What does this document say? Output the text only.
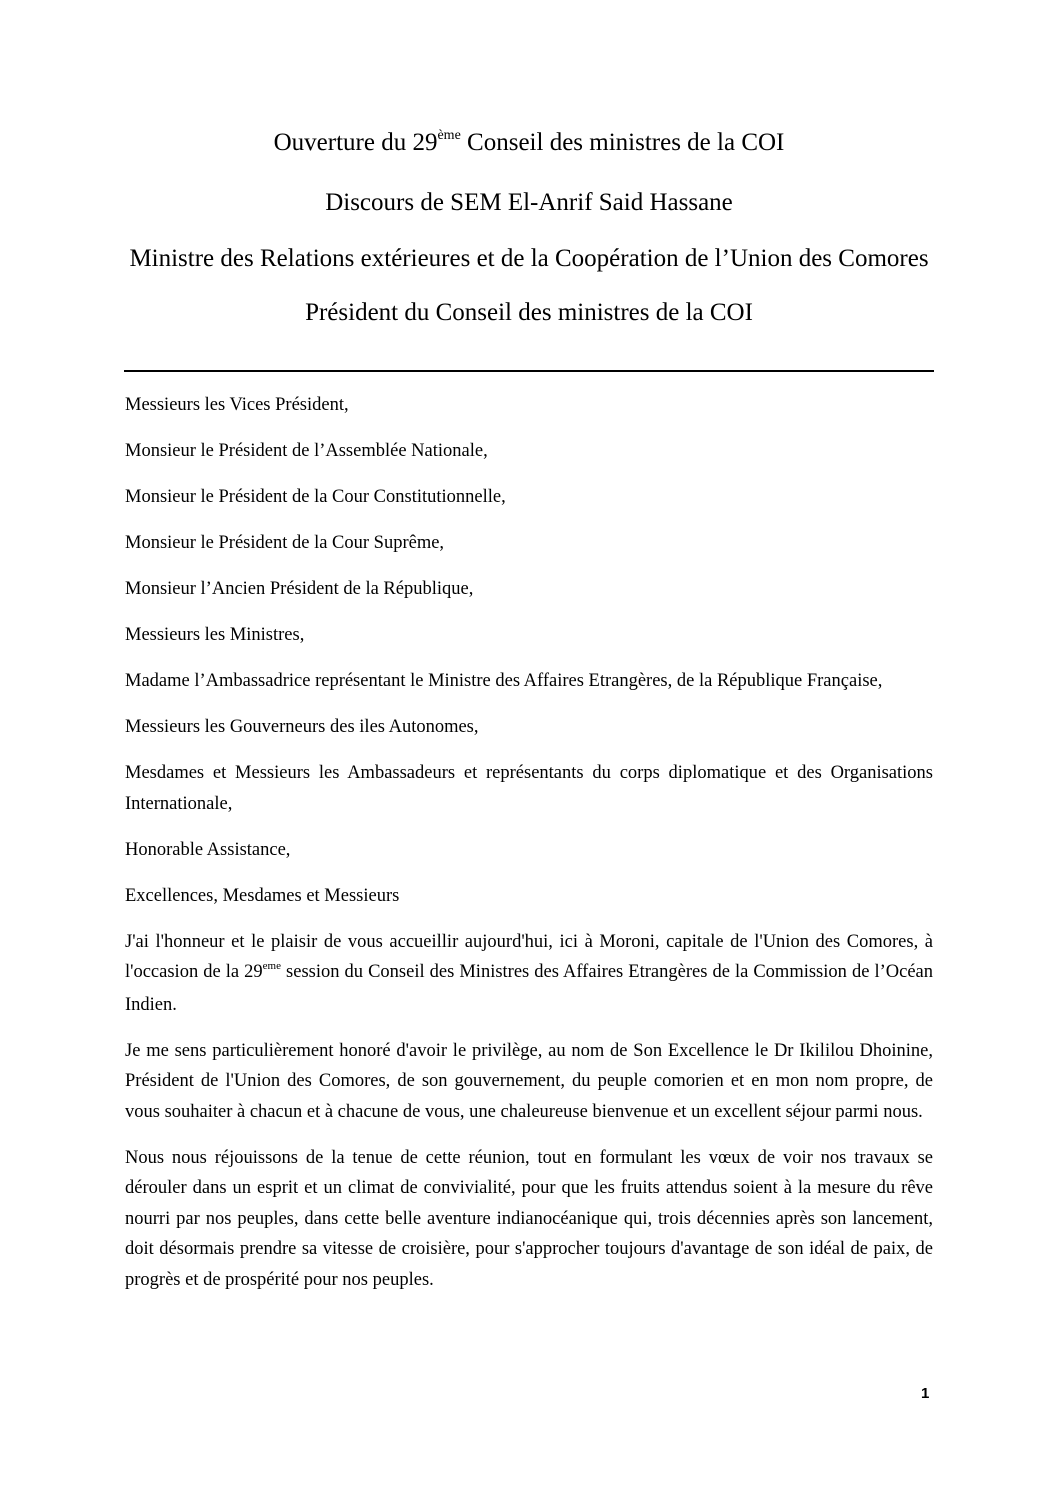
Ouverture du 29ème Conseil des ministres de la COI

Discours de SEM El-Anrif Said Hassane

Ministre des Relations extérieures et de la Coopération de l’Union des Comores

Président du Conseil des ministres de la COI

Messieurs les Vices Président,

Monsieur le Président de l’Assemblée Nationale,

Monsieur le Président de la Cour Constitutionnelle,

Monsieur le Président de la Cour Suprême,

Monsieur l’Ancien Président de la République,

Messieurs les Ministres,

Madame l’Ambassadrice représentant le Ministre des Affaires Etrangères, de la République Française,

Messieurs les Gouverneurs des iles Autonomes,

Mesdames et Messieurs les Ambassadeurs et représentants du corps diplomatique et des Organisations Internationale,

Honorable Assistance,

Excellences, Mesdames et Messieurs

J'ai l'honneur et le plaisir de vous accueillir aujourd'hui, ici à Moroni, capitale de l'Union des Comores, à l'occasion de la 29eme session du Conseil des Ministres des Affaires Etrangères de la Commission de l’Océan Indien.

Je me sens particulièrement honoré d'avoir le privilège, au nom de Son Excellence le Dr Ikililou Dhoinine, Président de l'Union des Comores, de son gouvernement, du peuple comorien et en mon nom propre, de vous souhaiter à chacun et à chacune de vous, une chaleureuse bienvenue et un excellent séjour parmi nous.

Nous nous réjouissons de la tenue de cette réunion, tout en formulant les vœux de voir nos travaux se dérouler dans un esprit et un climat de convivialité, pour que les fruits attendus soient à la mesure du rêve nourri par nos peuples, dans cette belle aventure indianocéanique qui, trois décennies après son lancement, doit désormais prendre sa vitesse de croisière, pour s'approcher toujours d'avantage de son idéal de paix, de progrès et de prospérité pour nos peuples.

1
